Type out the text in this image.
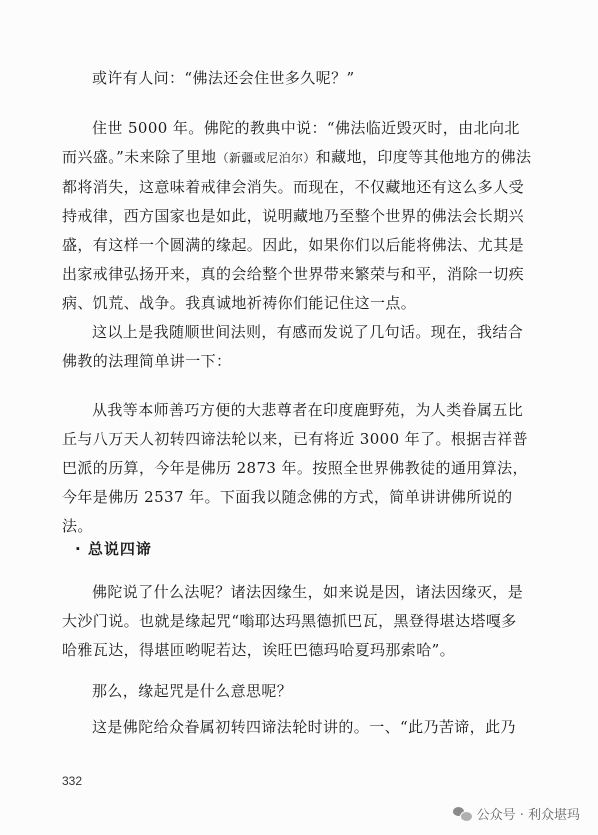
或许有人问：“佛法还会住世多久呢？”

住世 5000 年。佛陀的教典中说：“佛法临近毁灭时，由北向北而兴盛。”未来除了里地（新疆或尼泊尔）和藏地，印度等其他地方的佛法都将消失，这意味着戒律会消失。而现在，不仅藏地还有这么多人受持戒律，西方国家也是如此，说明藏地乃至整个世界的佛法会长期兴盛，有这样一个圆满的缘起。因此，如果你们以后能将佛法、尤其是出家戒律弘扬开来，真的会给整个世界带来繁荣与和平，消除一切疾病、饥荒、战争。我真诚地祈祷你们能记住这一点。

这以上是我随顺世间法则，有感而发说了几句话。现在，我结合佛教的法理简单讲一下：

从我等本师善巧方便的大悲尊者在印度鹿野苑，为人类眷属五比丘与八万天人初转四谛法轮以来，已有将近 3000 年了。根据吉祥普巴派的历算，今年是佛历 2873 年。按照全世界佛教徒的通用算法，今年是佛历 2537 年。下面我以随念佛的方式，简单讲讲佛所说的法。

· 总说四谛

佛陀说了什么法呢？诸法因缘生，如来说是因，诸法因缘灭，是大沙门说。也就是缘起咒“嗡耶达玛黑德抓巴瓦，黑登得堪达塔嘎多哈雅瓦达，得堪匝哟呢若达，诶旺巴德玛哈夏玛那索哈”。

那么，缘起咒是什么意思呢？

这是佛陀给众眷属初转四谛法轮时讲的。一、“此乃苦谛，此乃

332
公众号 · 利众堪玛
